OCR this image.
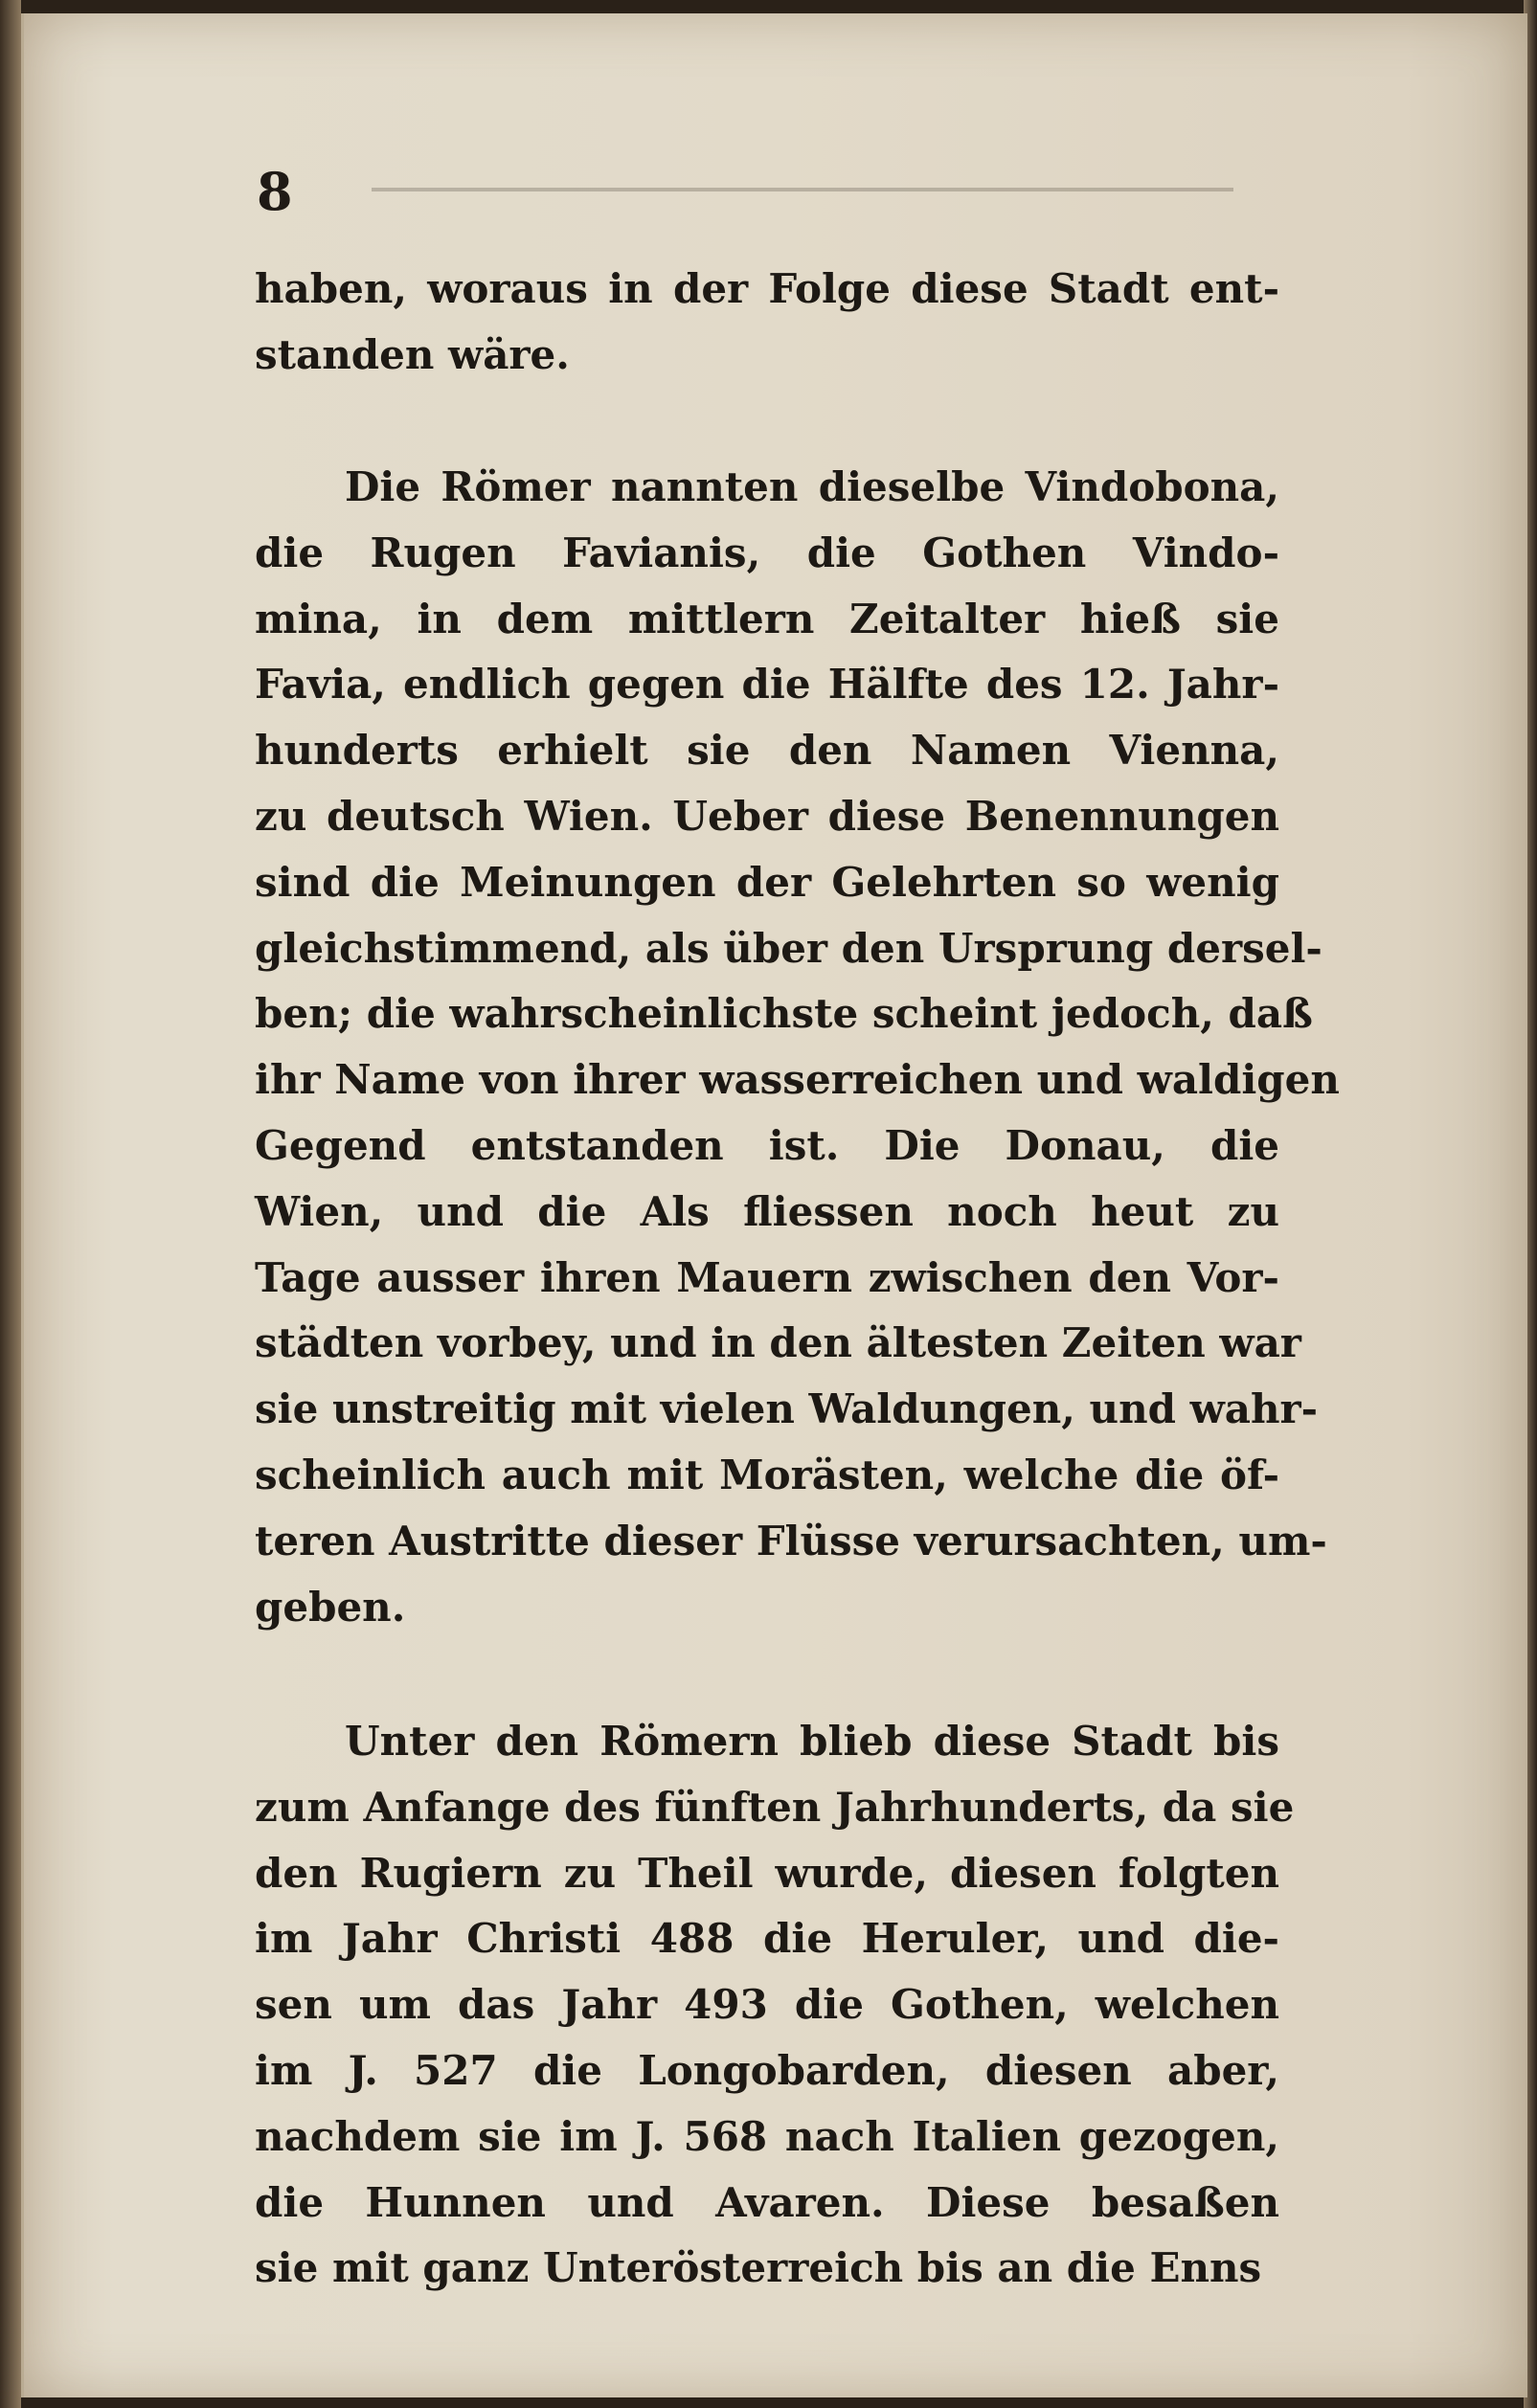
8
haben, woraus in der Folge diese Stadt ent-
standen wäre.
Die Römer nannten dieselbe Vindobona,
die Rugen Favianis, die Gothen Vindo-
mina, in dem mittlern Zeitalter hieß sie
Favia, endlich gegen die Hälfte des 12. Jahr-
hunderts erhielt sie den Namen Vienna,
zu deutsch Wien. Ueber diese Benennungen
sind die Meinungen der Gelehrten so wenig
gleichstimmend, als über den Ursprung dersel-
ben; die wahrscheinlichste scheint jedoch, daß
ihr Name von ihrer wasserreichen und waldigen
Gegend entstanden ist. Die Donau, die
Wien, und die Als fliessen noch heut zu
Tage ausser ihren Mauern zwischen den Vor-
städten vorbey, und in den ältesten Zeiten war
sie unstreitig mit vielen Waldungen, und wahr-
scheinlich auch mit Morästen, welche die öf-
teren Austritte dieser Flüsse verursachten, um-
geben.
Unter den Römern blieb diese Stadt bis
zum Anfange des fünften Jahrhunderts, da sie
den Rugiern zu Theil wurde, diesen folgten
im Jahr Christi 488 die Heruler, und die-
sen um das Jahr 493 die Gothen, welchen
im J. 527 die Longobarden, diesen aber,
nachdem sie im J. 568 nach Italien gezogen,
die Hunnen und Avaren. Diese besaßen
sie mit ganz Unterösterreich bis an die Enns
